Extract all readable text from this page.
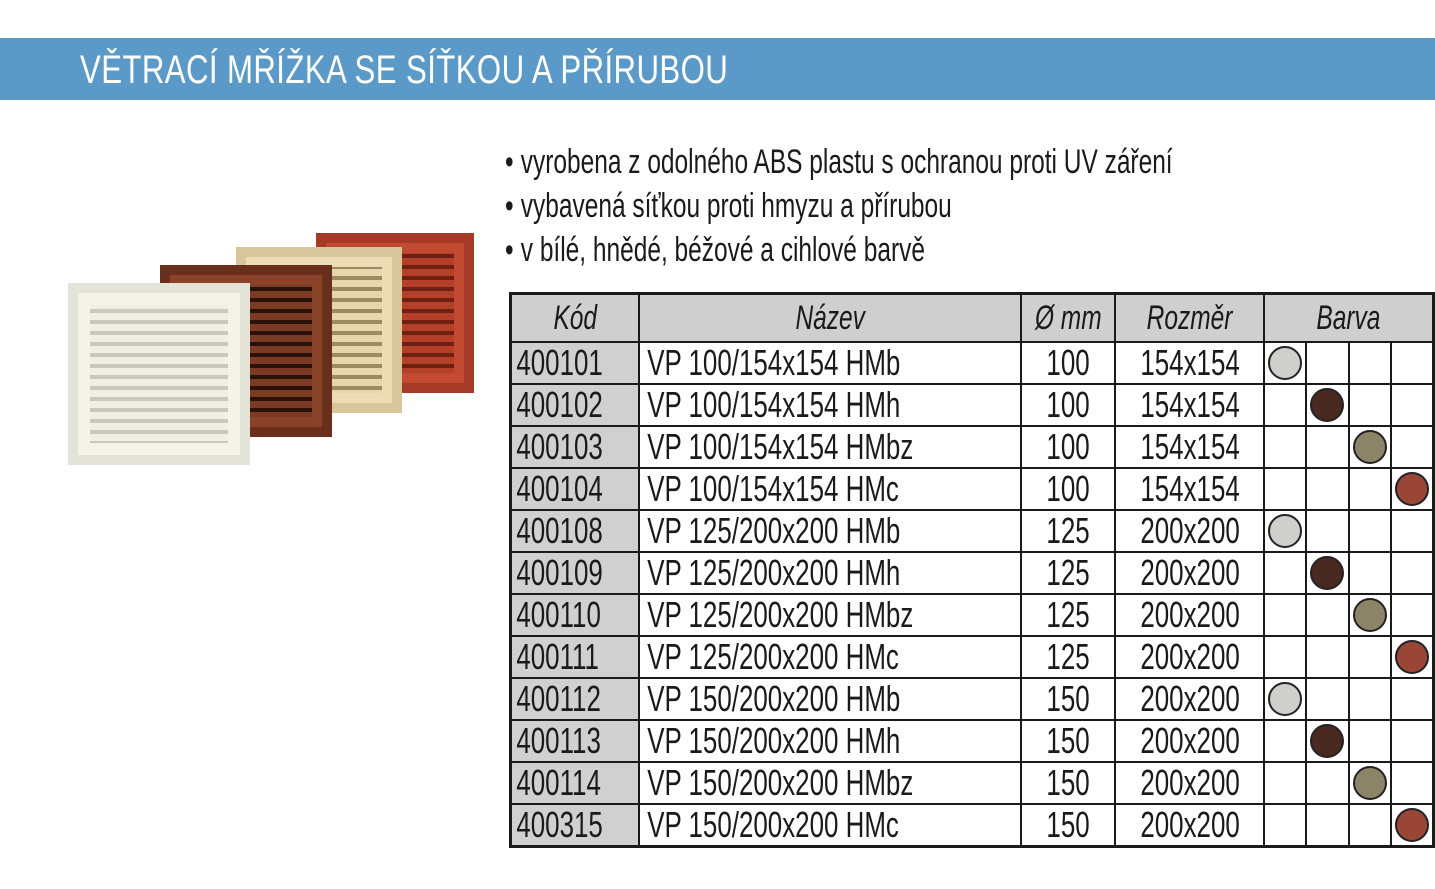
VĚTRACÍ MŘÍŽKA SE SÍŤKOU A PŘÍRUBOU
• vyrobena z odolného ABS plastu s ochranou proti UV záření
• vybavená síťkou proti hmyzu a přírubou
• v bílé, hnědé, béžové a cihlové barvě
Kód	Název	Ø mm	Rozměr	Barva			
400101	VP 100/154x154 HMb	100	154x154				
400102	VP 100/154x154 HMh	100	154x154				
400103	VP 100/154x154 HMbz	100	154x154				
400104	VP 100/154x154 HMc	100	154x154				
400108	VP 125/200x200 HMb	125	200x200				
400109	VP 125/200x200 HMh	125	200x200				
400110	VP 125/200x200 HMbz	125	200x200				
400111	VP 125/200x200 HMc	125	200x200				
400112	VP 150/200x200 HMb	150	200x200				
400113	VP 150/200x200 HMh	150	200x200				
400114	VP 150/200x200 HMbz	150	200x200				
400315	VP 150/200x200 HMc	150	200x200				
